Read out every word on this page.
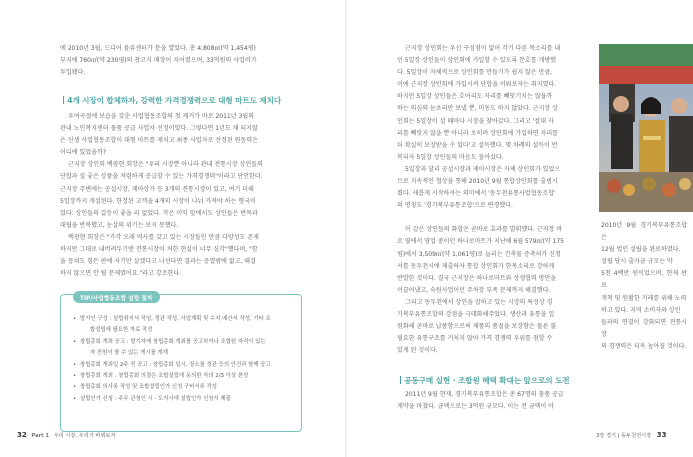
에 2010년 3월, 드디어 물류센터가 문을 열었다. 총 4,808㎡(약 1,454평)

부지에 760㎡(약 230평)의 창고식 매장이 지어졌으며, 33억원의 사업비가

투입됐다.

4개 시장이 합체하자, 강력한 가격경쟁력으로 대형 마트도 제치다

우여곡절에 보습을 갖춘 사업협동조합의 첫 제거가 바로 2011년 3월의

관내 노인복지센터 물품 공급 사업자 선정이었다. 그렇다면 1년도 채 되지않

은 신생 사업협동조합이 대형 마트를 제치고 최종 사업자로 선정된 원동력은

어디에 있었을까?

근지장 상인회 백광현 회장은 "우리 시장뿐 아니라 관내 전통시장 상인들의

단합과 질 좋은 상품을 저렴하게 공급할 수 있는 가격경쟁력"이라고 단언한다.

근지장 주변에는 공설시장, 제아상가 등 3개의 전통시장이 있고, 여기 더해

5일장까지 개설된다. 한정된 고객을 4개의 시장이 나눠 가져야 하는 형국이

었다. 상인들의 갈등이 좋을 리 없었다. 작은 이익 앞에서도 상인들은 반목과

대립을 반복했고, 눈살의 위기는 보지 못했다.

백광현 회장은 "가각 오래 역사를 갖고 있는 시장들인 만큼 다양성도 존재

하지만 그대로 내버려두기엔 전통시장이 처한 현실이 너무 심각"했다며, "함

을 뭉쳐도 힘든 판에 자기만 살겠다고 나선다면 결과는 공멸밖에 없고, 해결

하지 않으면 안 될 문제였어요."라고 강조한다.

TIP/사업협동조합 설립 절차
• 발기인 구성 : 설립취지서 작성, 정관 작성, 사업계획 및 수지 예산서 작성, 기타 조
합설립에 필요한 자료 작성
• 창립총회 개최 공고 : 발기자에 창립총회 개최를 공고하거나 조합원 자격이 있는
자 전원이 볼 수 있는 게시를 게재
• 창립총회 개최일 2주 전 공고 : 창립총회 일시, 장소를 정관 등의 안건과 함께 공고
• 창립총회 개최 : 창립총회 의결은 조합설립에 동의한 자의 2/3 이상 찬성
• 창립총회 의사록 작성 및 조합설립인가 신청 구비서류 작성
• 설립인가 신청 : 주무 관청인 시 · 도지사에 설립인가 신청서 제출
32 Part 1 우리 시장, 우리가 바꿔보자

근지장 상인회는 우선 구성점이 없어 각기 다른 목소리를 내

던 5일장 상인들이 상인회에 가입할 수 있도록 문호를 개방했

다. 5일장이 자체적으로 상인회를 만들기가 쉽지 않은 만큼,

이에 근지장 상인회에 가입시켜 단합을 이뤄보자는 취지였다.

하지만 5일장 상인들은 호어리도 자리를 빼앗기지는 않을까

하는 의심의 눈초리만 보낼 뿐, 미동도 하지 않았다. 근지장 상

인회는 5일장이 설 때마다 시장을 찾아갔다. 그리고 '절대 자

리를 빼앗지 않을 뿐 아니라 오히려 상인회에 가입하면 자리를

더 확실히 보장받을 수 있다'고 설득했다. 몇 차례의 설득이 반

복되자 5일장 상인들의 마음도 돌아섰다.

5일장과 달리 공설시장과 제아시장은 자체 상인회가 있었으

므로 지속적인 협상을 통해 2010년 9월 통합상인회를 출범시

켰다. 새롭게 시작하자는 의미에서 '동두천유통사업협동조합'

의 명칭도 '경기북부유통조합'으로 변경했다.

이 같은 상인들의 화합은 곧바로 효과를 발휘했다. 근지장 바

로 옆에서 영업 중이던 하나로마트가 지난해 6월 579㎡(약 175

평)에서 3,509㎡(약 1,061평)로 늘리는 건축물 증축허가 신청

서를 동두천시에 제출하자 통합 상인회가 한목소리로 강하게

반발한 것이다. 결국 근지장은 하나로마트와 상생협력 방안을

이끌어냈고, 숙원사업이던 주차장 부족 문제까지 해결했다.

그리고 동두천에서 상인을 잡하고 있는 시장의 특성상 경

기북부유통조합의 강점을 극대화해주었다. 생산과 유통을 일

원화해 곧바로 납품함으로써 제품의 품질을 보장함은 물론 불

필요한 유통구조를 거치지 않아 가격 경쟁력 우위를 점할 수

있게 된 것이다.

2010년 9월 경기북부유통조합은

12월 법인 설립을 완료하였다.

설립 당시 출자금 규모는 약

5천 4백만 원이었으며, 현재 판로

개척 및 원활한 거래를 위해 노력

하고 있다. 지역 소비자와 상인

들과의 연결이 강화되면 전통시장

의 경쟁력은 더욱 높아질 것이다.

공동구매 실현 · 조합원 혜택 확대는 앞으로의 도전

2011년 9월 현재, 경기북부유통조합은 총 67명의 물품 공급

계약을 마쳤다. 금액으로는 3억원 규모다. 이는 전 금액이 아

3장 경기 | 동두천전시장 33
